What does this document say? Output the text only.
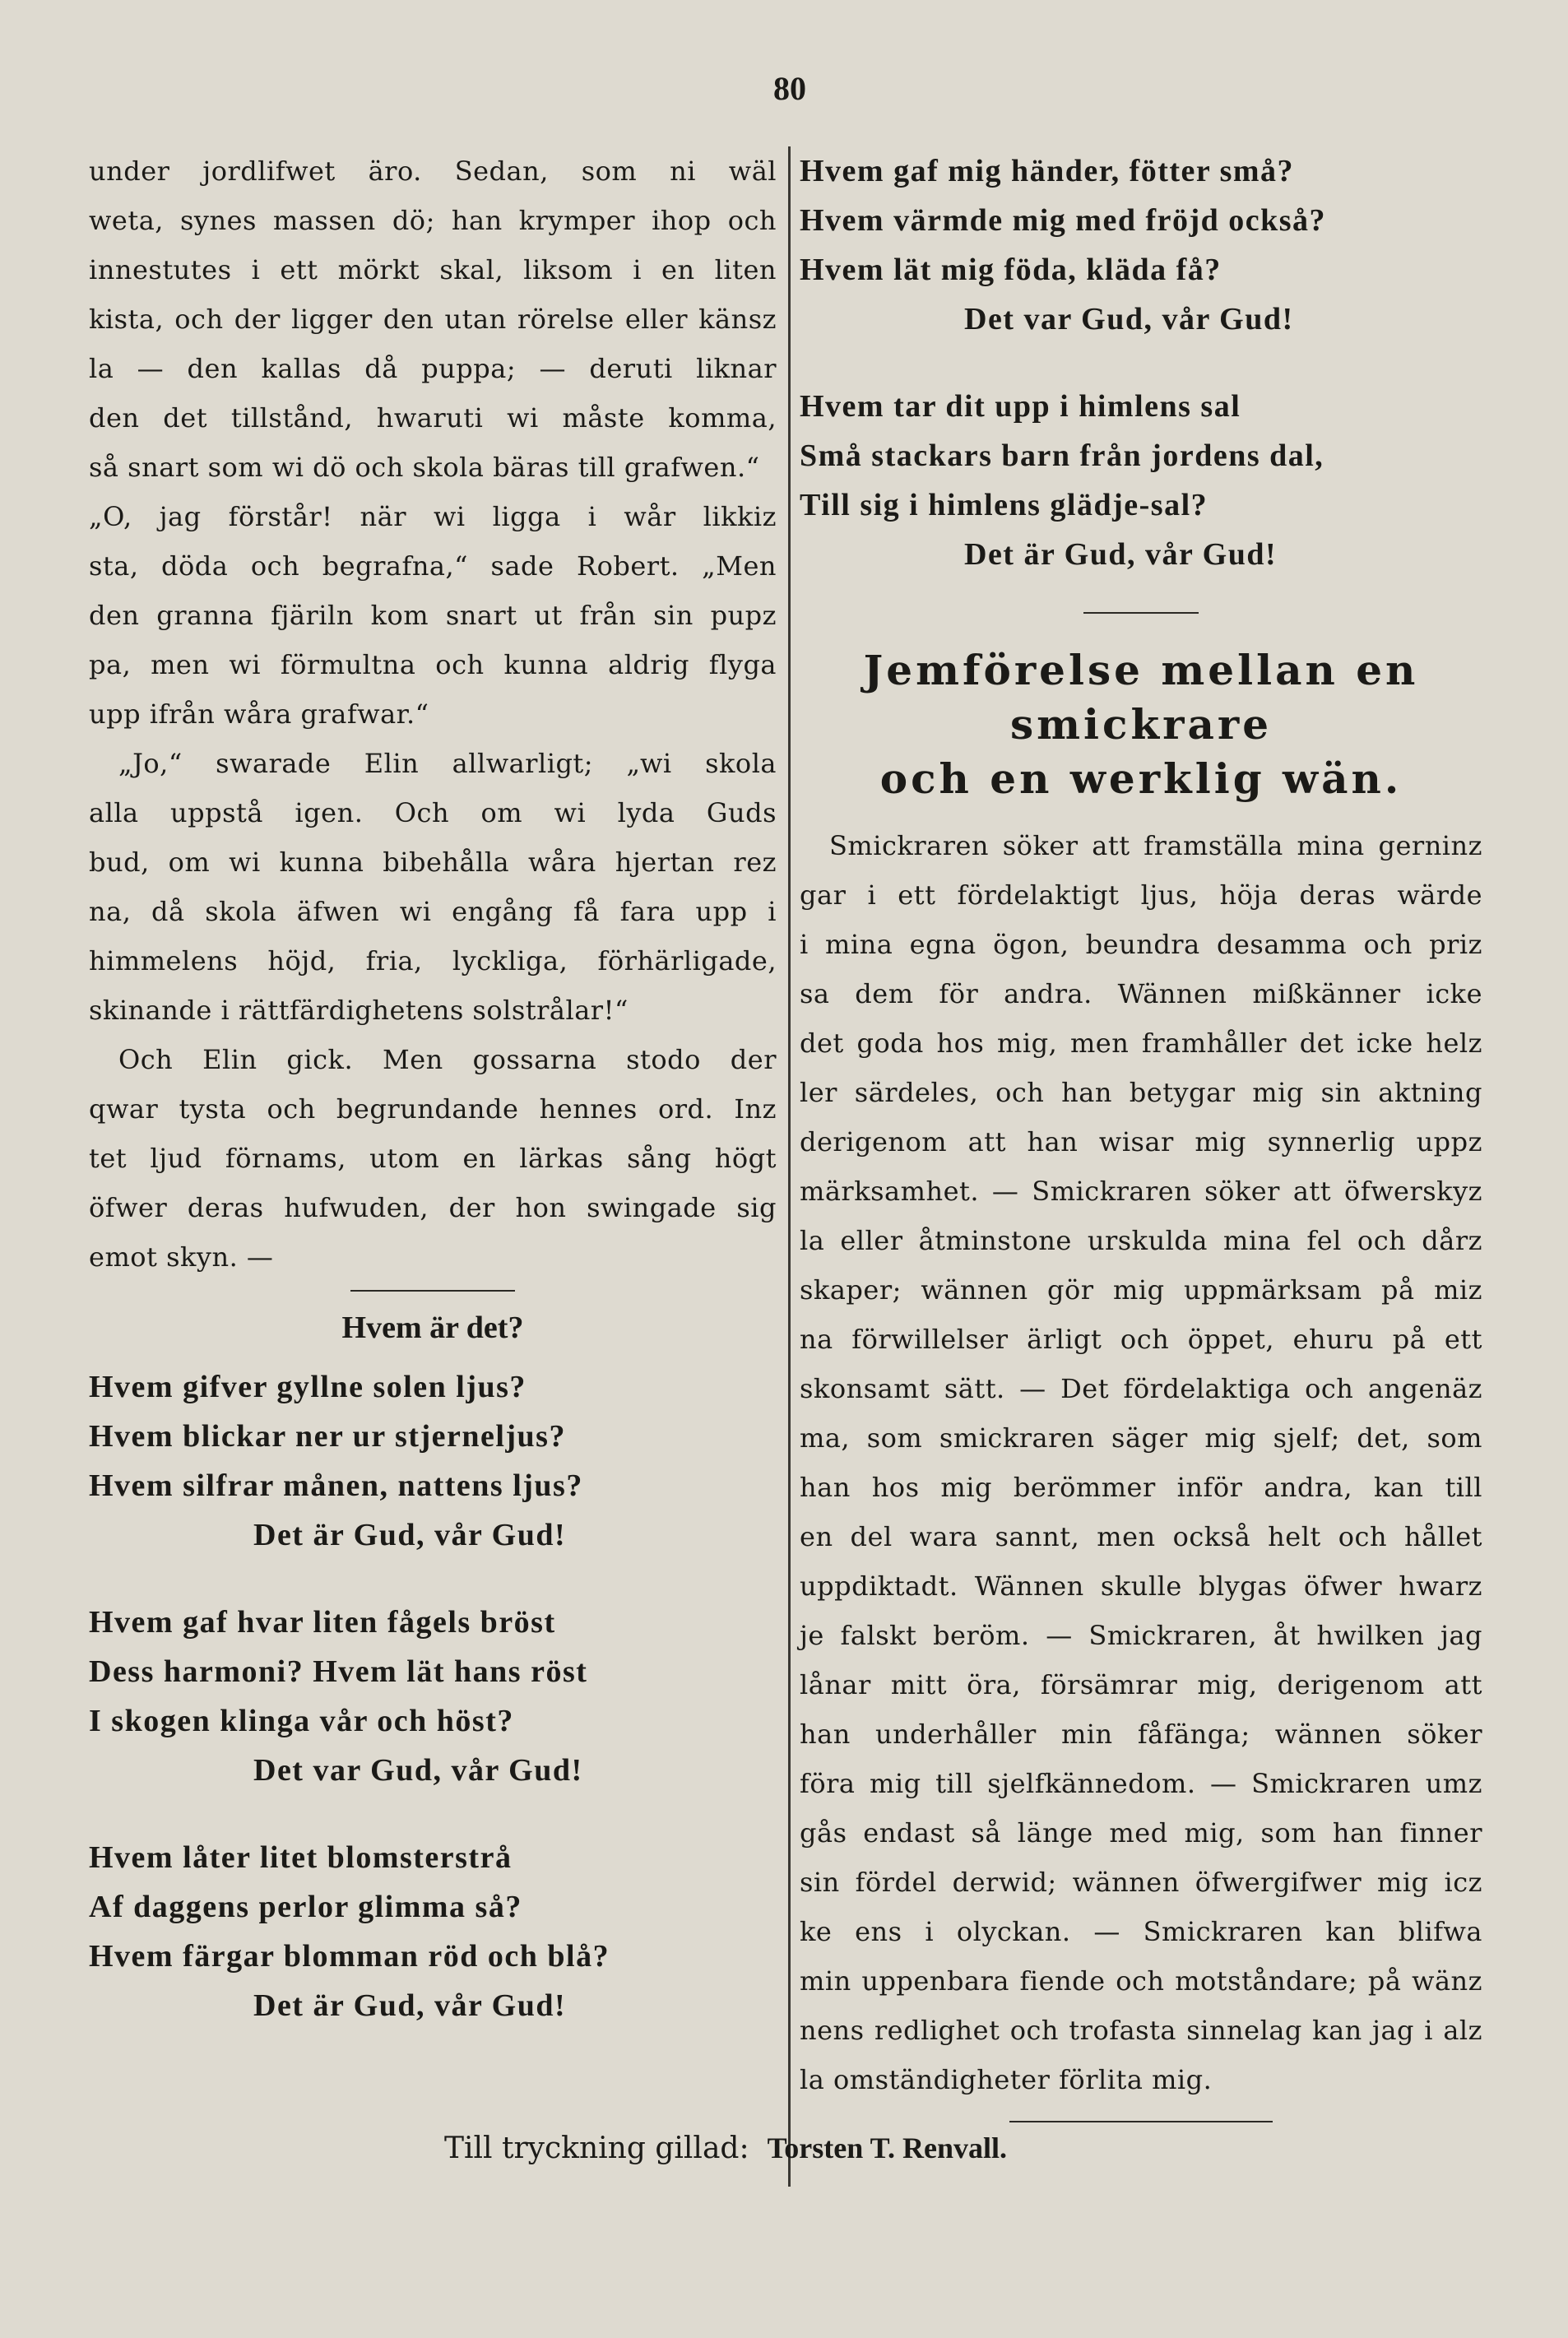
80
under jordlifwet äro. Sedan, som ni wäl
weta, synes massen dö; han krymper ihop och
innestutes i ett mörkt skal, liksom i en liten
kista, och der ligger den utan rörelse eller känsz
la — den kallas då puppa; — deruti liknar
den det tillstånd, hwaruti wi måste komma,
så snart som wi dö och skola bäras till grafwen.“
„O, jag förstår! när wi ligga i wår likkiz
sta, döda och begrafna,“ sade Robert. „Men
den granna fjäriln kom snart ut från sin pupz
pa, men wi förmultna och kunna aldrig flyga
upp ifrån wåra grafwar.“
„Jo,“ swarade Elin allwarligt; „wi skola
alla uppstå igen. Och om wi lyda Guds
bud, om wi kunna bibehålla wåra hjertan rez
na, då skola äfwen wi engång få fara upp i
himmelens höjd, fria, lyckliga, förhärligade,
skinande i rättfärdighetens solstrålar!“
Och Elin gick. Men gossarna stodo der
qwar tysta och begrundande hennes ord. Inz
tet ljud förnams, utom en lärkas sång högt
öfwer deras hufwuden, der hon swingade sig
emot skyn. —
Hvem är det?
Hvem gifver gyllne solen ljus?
Hvem blickar ner ur stjerneljus?
Hvem silfrar månen, nattens ljus?
Det är Gud, vår Gud!
Hvem gaf hvar liten fågels bröst
Dess harmoni? Hvem lät hans röst
I skogen klinga vår och höst?
Det var Gud, vår Gud!
Hvem låter litet blomsterstrå
Af daggens perlor glimma så?
Hvem färgar blomman röd och blå?
Det är Gud, vår Gud!
Hvem gaf mig händer, fötter små?
Hvem värmde mig med fröjd också?
Hvem lät mig föda, kläda få?
Det var Gud, vår Gud!
Hvem tar dit upp i himlens sal
Små stackars barn från jordens dal,
Till sig i himlens glädje-sal?
Det är Gud, vår Gud!
Jemförelse mellan en smickrare
och en werklig wän.
Smickraren söker att framställa mina gerninz
gar i ett fördelaktigt ljus, höja deras wärde
i mina egna ögon, beundra desamma och priz
sa dem för andra. Wännen mißkänner icke
det goda hos mig, men framhåller det icke helz
ler särdeles, och han betygar mig sin aktning
derigenom att han wisar mig synnerlig uppz
märksamhet. — Smickraren söker att öfwerskyz
la eller åtminstone urskulda mina fel och dårz
skaper; wännen gör mig uppmärksam på miz
na förwillelser ärligt och öppet, ehuru på ett
skonsamt sätt. — Det fördelaktiga och angenäz
ma, som smickraren säger mig sjelf; det, som
han hos mig berömmer inför andra, kan till
en del wara sannt, men också helt och hållet
uppdiktadt. Wännen skulle blygas öfwer hwarz
je falskt beröm. — Smickraren, åt hwilken jag
lånar mitt öra, försämrar mig, derigenom att
han underhåller min fåfänga; wännen söker
föra mig till sjelfkännedom. — Smickraren umz
gås endast så länge med mig, som han finner
sin fördel derwid; wännen öfwergifwer mig icz
ke ens i olyckan. — Smickraren kan blifwa
min uppenbara fiende och motståndare; på wänz
nens redlighet och trofasta sinnelag kan jag i alz
la omständigheter förlita mig.
Till tryckning gillad: Torsten T. Renvall.
